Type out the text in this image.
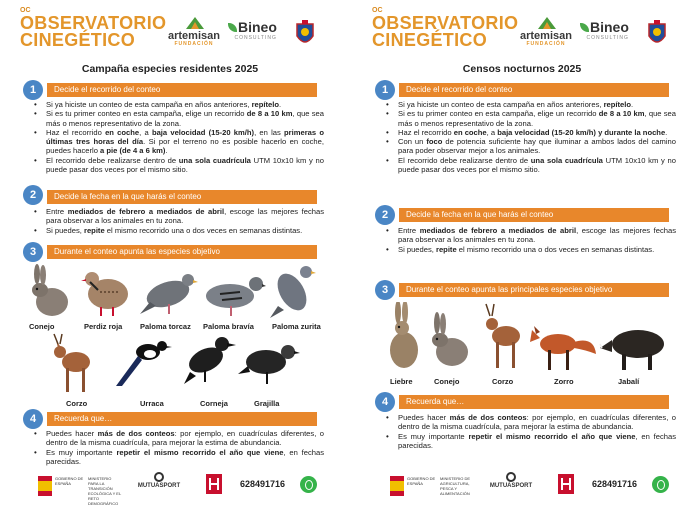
OC
OBSERVATORIO
CINEGÉTICO	artemisan
FUNDACIÓN
Bineo
CONSULTING
Campaña especies residentes 2025
1	Decide el recorrido del conteo
• Si ya hiciste un conteo de esta campaña en años anteriores, repítelo.
• Si es tu primer conteo en esta campaña, elige un recorrido de 8 a 10 km, que sea más o menos representativo de la zona.
• Haz el recorrido en coche, a baja velocidad (15-20 km/h), en las primeras o últimas tres horas del día. Si por el terreno no es posible hacerlo en coche, puedes hacerlo a pie (de 4 a 6 km).
• El recorrido debe realizarse dentro de una sola cuadrícula UTM 10x10 km y no puede pasar dos veces por el mismo sitio.
2	Decide la fecha en la que harás el conteo
• Entre mediados de febrero a mediados de abril, escoge las mejores fechas para observar a los animales en tu zona.
• Si puedes, repite el mismo recorrido una o dos veces en semanas distintas.
3	Durante el conteo apunta las especies objetivo
Conejo	Perdiz roja Paloma torcaz Paloma bravía Paloma zurita
Corzo	Urraca	Corneja	Grajilla
4	Recuerda que…
• Puedes hacer más de dos conteos: por ejemplo, en cuadrículas diferentes, o dentro de la misma cuadrícula, para mejorar la estima de abundancia.
• Es muy importante repetir el mismo recorrido el año que viene, en fechas parecidas.
GOBIERNO DE ESPAÑA
MINISTERIO PARA LA TRANSICIÓN ECOLÓGICA Y EL RETO DEMOGRÁFICO
MUTUASPORT	628491716
OC
OBSERVATORIO
CINEGÉTICO	artemisan
FUNDACIÓN
Bineo
CONSULTING
Censos nocturnos 2025
1	Decide el recorrido del conteo
• Si ya hiciste un conteo de esta campaña en años anteriores, repítelo.
• Si es tu primer conteo en esta campaña, elige un recorrido de 8 a 10 km, que sea más o menos representativo de la zona.
• Haz el recorrido en coche, a baja velocidad (15-20 km/h) y durante la noche.
• Con un foco de potencia suficiente hay que iluminar a ambos lados del camino para poder observar mejor a los animales.
• El recorrido debe realizarse dentro de una sola cuadrícula UTM 10x10 km y no puede pasar dos veces por el mismo sitio.
2	Decide la fecha en la que harás el conteo
• Entre mediados de febrero a mediados de abril, escoge las mejores fechas para observar a los animales en tu zona.
• Si puedes, repite el mismo recorrido una o dos veces en semanas distintas.
3	Durante el conteo apunta las principales especies objetivo
Liebre	Conejo	Corzo	Zorro	Jabalí
4	Recuerda que…
• Puedes hacer más de dos conteos: por ejemplo, en cuadrículas diferentes, o dentro de la misma cuadrícula, para mejorar la estima de abundancia.
• Es muy importante repetir el mismo recorrido el año que viene, en fechas parecidas.
GOBIERNO DE ESPAÑA
MINISTERIO DE AGRICULTURA, PESCA Y ALIMENTACIÓN
MUTUASPORT	628491716
